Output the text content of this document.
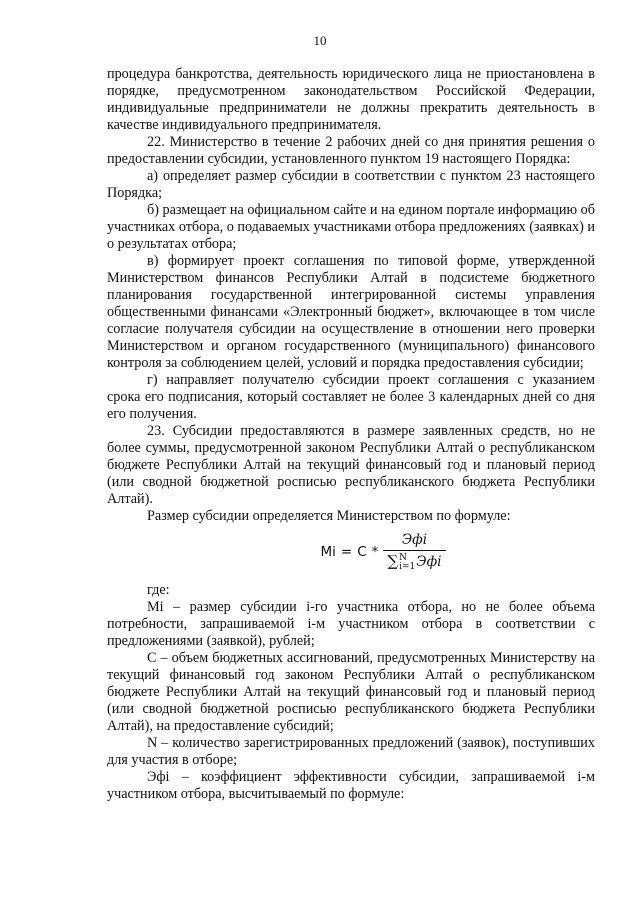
10

процедура банкротства, деятельность юридического лица не приостановлена в порядке, предусмотренном законодательством Российской Федерации, индивидуальные предприниматели не должны прекратить деятельность в качестве индивидуального предпринимателя.

22. Министерство в течение 2 рабочих дней со дня принятия решения о предоставлении субсидии, установленного пунктом 19 настоящего Порядка:

а) определяет размер субсидии в соответствии с пунктом 23 настоящего Порядка;

б) размещает на официальном сайте и на едином портале информацию об участниках отбора, о подаваемых участниками отбора предложениях (заявках) и о результатах отбора;

в) формирует проект соглашения по типовой форме, утвержденной Министерством финансов Республики Алтай в подсистеме бюджетного планирования государственной интегрированной системы управления общественными финансами «Электронный бюджет», включающее в том числе согласие получателя субсидии на осуществление в отношении него проверки Министерством и органом государственного (муниципального) финансового контроля за соблюдением целей, условий и порядка предоставления субсидии;

г) направляет получателю субсидии проект соглашения с указанием срока его подписания, который составляет не более 3 календарных дней со дня его получения.

23. Субсидии предоставляются в размере заявленных средств, но не более суммы, предусмотренной законом Республики Алтай о республиканском бюджете Республики Алтай на текущий финансовый год и плановый период (или сводной бюджетной росписью республиканского бюджета Республики Алтай).

Размер субсидии определяется Министерством по формуле:

Mi = C * Эфi
∑ N
i=1 Эфi

где:

Mi – размер субсидии i-го участника отбора, но не более объема потребности, запрашиваемой i-м участником отбора в соответствии с предложениями (заявкой), рублей;

С – объем бюджетных ассигнований, предусмотренных Министерству на текущий финансовый год законом Республики Алтай о республиканском бюджете Республики Алтай на текущий финансовый год и плановый период (или сводной бюджетной росписью республиканского бюджета Республики Алтай), на предоставление субсидий;

N – количество зарегистрированных предложений (заявок), поступивших для участия в отборе;

Эфi – коэффициент эффективности субсидии, запрашиваемой i-м участником отбора, высчитываемый по формуле:
